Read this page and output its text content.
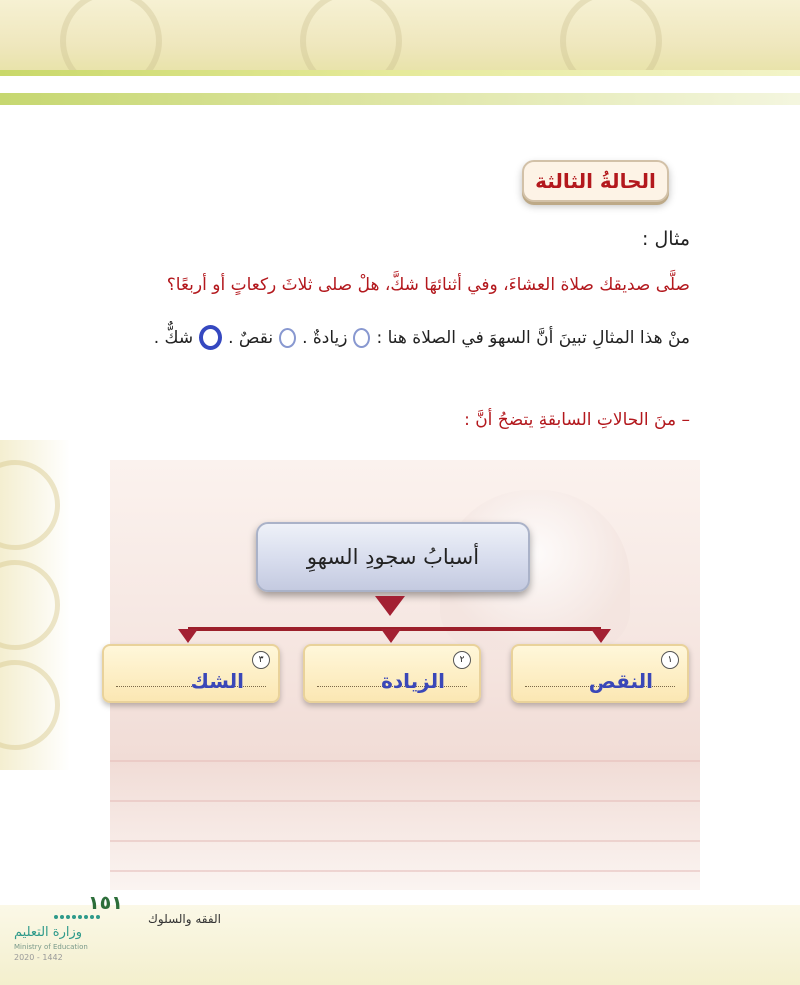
الحالةُ الثالثة
مثال :
صلَّى صديقك صلاة العشاءَ، وفي أثنائهَا شكَّ، هلْ صلى ثلاثَ ركعاتٍ أو أربعًا؟
منْ هذا المثالِ تبينَ أنَّ السهوَ في الصلاة هنا :
زيادةٌ .
نقصٌ .
شكٌّ .
– منَ الحالاتِ السابقةِ يتضحُ أنَّ :
أسبابُ سجودِ السهوِ
١
النقص
٢
الزيادة
٣
الشك
١٥١
الفقه والسلوك
وزارة التعليم
Ministry of Education
2020 - 1442
